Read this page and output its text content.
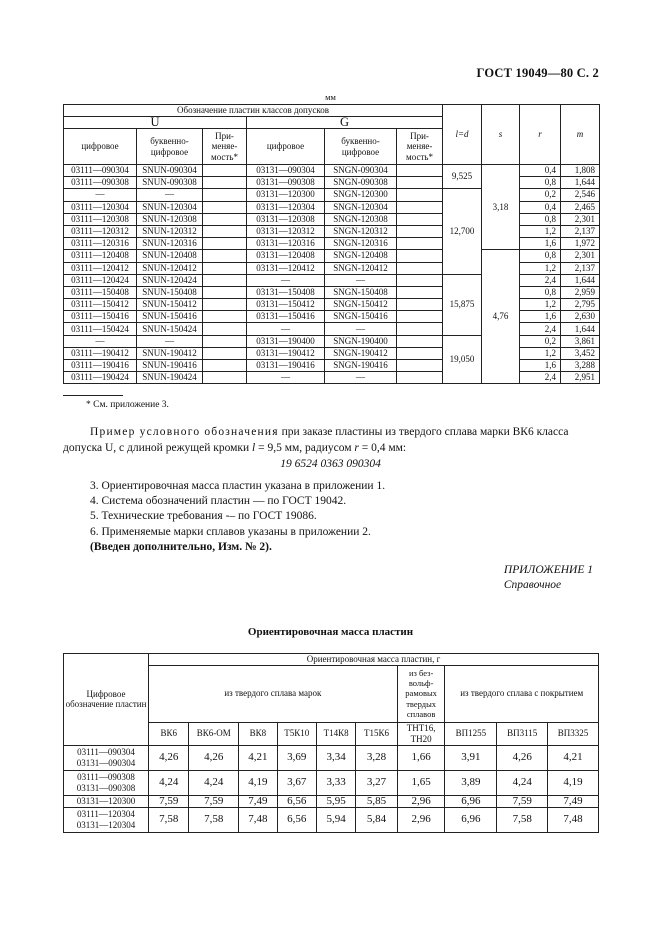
ГОСТ 19049—80 С. 2
мм
Обозначение пластин классов допусков						l=d	s	r	m
U			G						
цифровое	буквенно-цифровое	При-меняе-мость*	цифровое	буквенно-цифровое	При-меняе-мость*				
03111—090304	SNUN-090304		03131—090304	SNGN-090304		9,525	3,18	0,4	1,808
03111—090308	SNUN-090308		03131—090308	SNGN-090308				0,8	1,644
—	—		03131—120300	SNGN-120300		12,700		0,2	2,546
03111—120304	SNUN-120304		03131—120304	SNGN-120304				0,4	2,465
03111—120308	SNUN-120308		03131—120308	SNGN-120308				0,8	2,301
03111—120312	SNUN-120312		03131—120312	SNGN-120312				1,2	2,137
03111—120316	SNUN-120316		03131—120316	SNGN-120316				1,6	1,972
03111—120408	SNUN-120408		03131—120408	SNGN-120408			4,76	0,8	2,301
03111—120412	SNUN-120412		03131—120412	SNGN-120412				1,2	2,137
03111—120424	SNUN-120424		—	—		15,875		2,4	1,644
03111—150408	SNUN-150408		03131—150408	SNGN-150408				0,8	2,959
03111—150412	SNUN-150412		03131—150412	SNGN-150412				1,2	2,795
03111—150416	SNUN-150416		03131—150416	SNGN-150416				1,6	2,630
03111—150424	SNUN-150424		—	—				2,4	1,644
—	—		03131—190400	SNGN-190400		19,050		0,2	3,861
03111—190412	SNUN-190412		03131—190412	SNGN-190412				1,2	3,452
03111—190416	SNUN-190416		03131—190416	SNGN-190416				1,6	3,288
03111—190424	SNUN-190424		—	—				2,4	2,951
* См. приложение 3.
Пример условного обозначения при заказе пластины из твердого сплава марки ВК6 класса допуска U, с длиной режущей кромки l = 9,5 мм, радиусом r = 0,4 мм:
19 6524 0363 090304
3. Ориентировочная масса пластин указана в приложении 1.
4. Система обозначений пластин — по ГОСТ 19042.
5. Технические требования -– по ГОСТ 19086.
6. Применяемые марки сплавов указаны в приложении 2.
(Введен дополнительно, Изм. № 2).
ПРИЛОЖЕНИЕ 1
Справочное
Ориентировочная масса пластин
Цифровое обозначение пластин	Ориентировочная масса пластин, г									
	из твердого сплава марок						из без-вольф-рамовых твердых сплавов	из твердого сплава с покрытием		
	ВК6	ВК6-ОМ	ВК8	Т5К10	Т14К8	Т15К6	ТНТ16, ТН20	ВП1255	ВП3115	ВП3325
03111—090304
03131—090304	4,26	4,26	4,21	3,69	3,34	3,28	1,66	3,91	4,26	4,21
03111—090308
03131—090308	4,24	4,24	4,19	3,67	3,33	3,27	1,65	3,89	4,24	4,19
03131—120300	7,59	7,59	7,49	6,56	5,95	5,85	2,96	6,96	7,59	7,49
03111—120304
03131—120304	7,58	7,58	7,48	6,56	5,94	5,84	2,96	6,96	7,58	7,48
